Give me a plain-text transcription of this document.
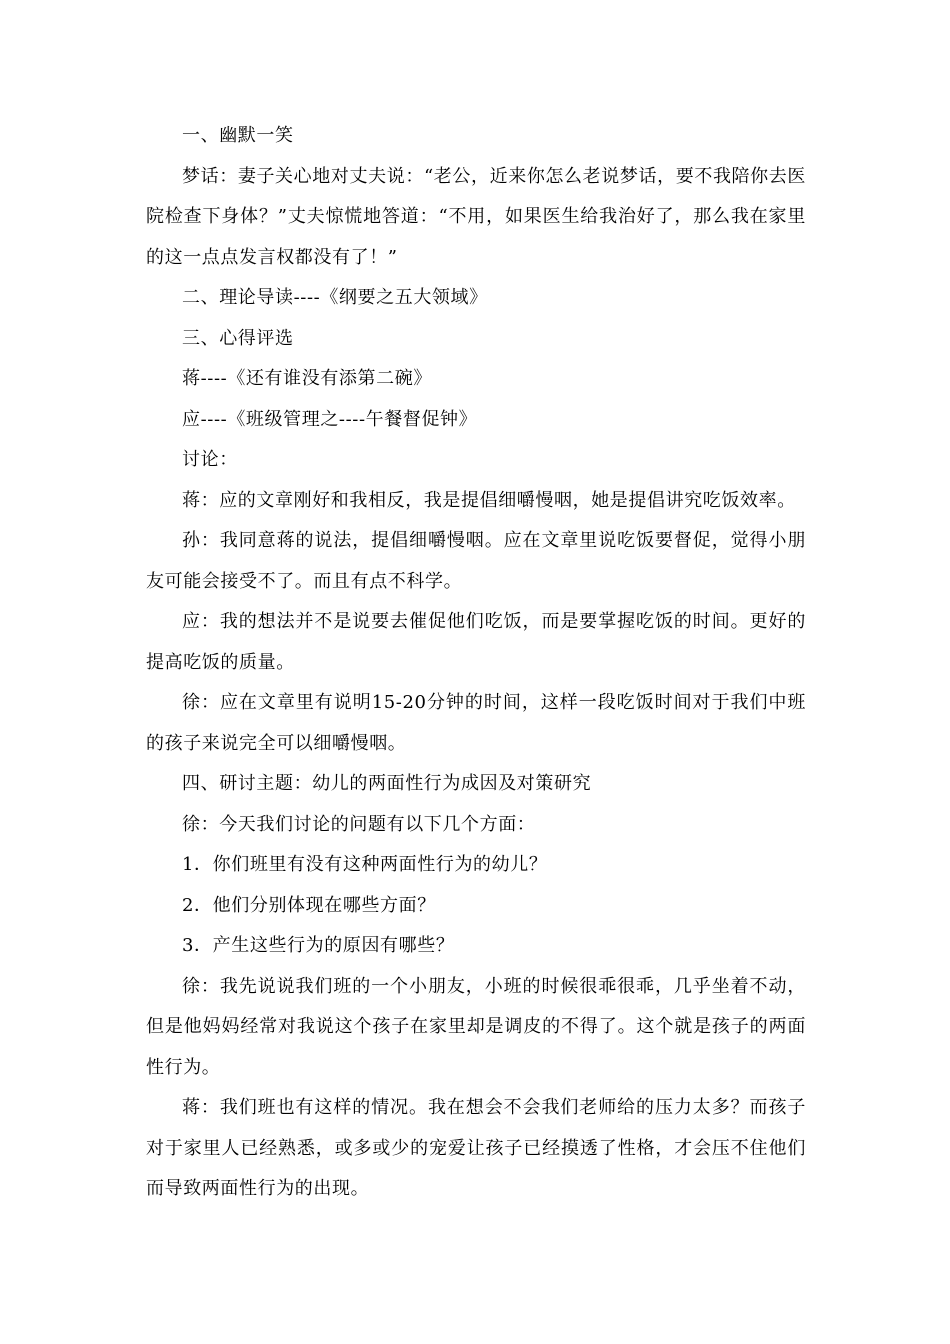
一、幽默一笑

梦话：妻子关心地对丈夫说：“老公，近来你怎么老说梦话，要不我陪你去医院检查下身体？”丈夫惊慌地答道：“不用，如果医生给我治好了，那么我在家里的这一点点发言权都没有了！”

二、理论导读----《纲要之五大领域》

三、心得评选

蒋----《还有谁没有添第二碗》

应----《班级管理之----午餐督促钟》

讨论：

蒋：应的文章刚好和我相反，我是提倡细嚼慢咽，她是提倡讲究吃饭效率。

孙：我同意蒋的说法，提倡细嚼慢咽。应在文章里说吃饭要督促，觉得小朋友可能会接受不了。而且有点不科学。

应：我的想法并不是说要去催促他们吃饭，而是要掌握吃饭的时间。更好的提高吃饭的质量。

徐：应在文章里有说明15-20分钟的时间，这样一段吃饭时间对于我们中班的孩子来说完全可以细嚼慢咽。

四、研讨主题：幼儿的两面性行为成因及对策研究

徐：今天我们讨论的问题有以下几个方面：

1．你们班里有没有这种两面性行为的幼儿？

2．他们分别体现在哪些方面？

3．产生这些行为的原因有哪些？

徐：我先说说我们班的一个小朋友，小班的时候很乖很乖，几乎坐着不动，但是他妈妈经常对我说这个孩子在家里却是调皮的不得了。这个就是孩子的两面性行为。

蒋：我们班也有这样的情况。我在想会不会我们老师给的压力太多？而孩子对于家里人已经熟悉，或多或少的宠爱让孩子已经摸透了性格，才会压不住他们而导致两面性行为的出现。
